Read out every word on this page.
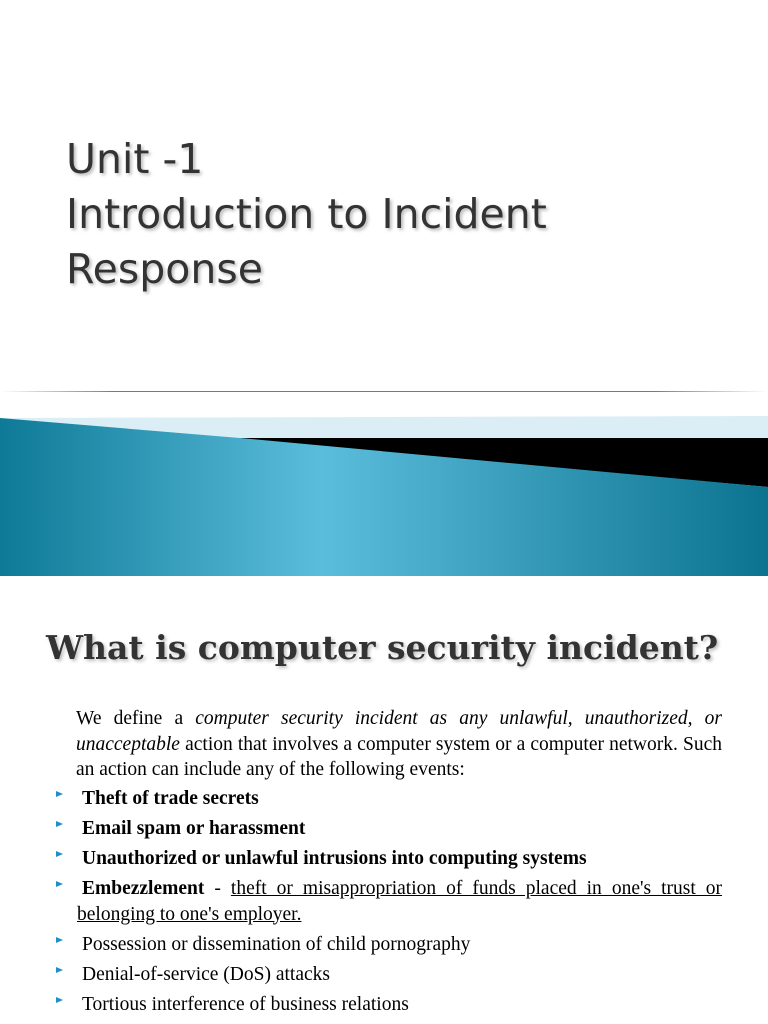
Unit -1
Introduction to Incident
Response
What is computer security incident?

We define a computer security incident as any unlawful, unauthorized, or unacceptable action that involves a computer system or a computer network. Such an action can include any of the following events:

Theft of trade secrets
Email spam or harassment
Unauthorized or unlawful intrusions into computing systems
Embezzlement - theft or misappropriation of funds placed in one's trust or belonging to one's employer.
Possession or dissemination of child pornography
Denial-of-service (DoS) attacks
Tortious interference of business relations
